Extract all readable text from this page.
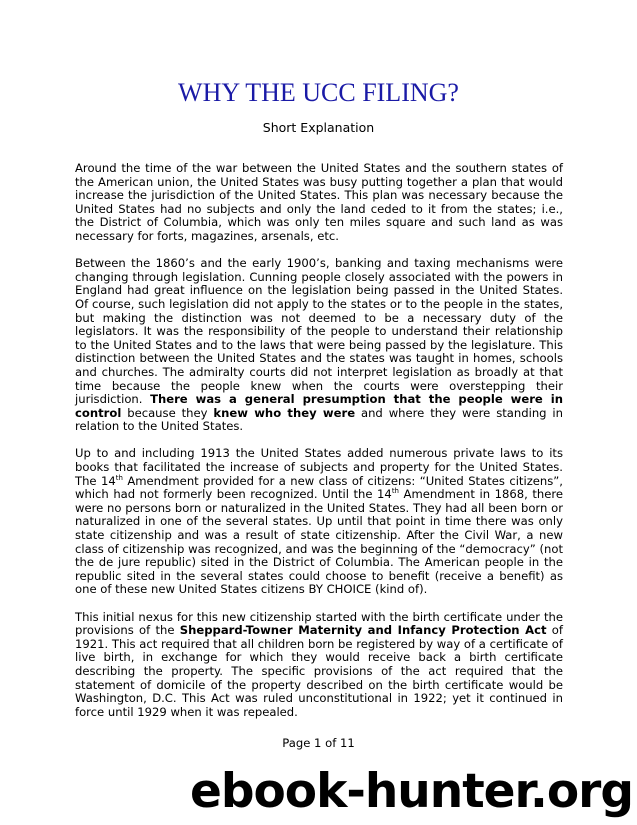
WHY THE UCC FILING?
Short Explanation

Around the time of the war between the United States and the southern states of the American union, the United States was busy putting together a plan that would increase the jurisdiction of the United States. This plan was necessary because the United States had no subjects and only the land ceded to it from the states; i.e., the District of Columbia, which was only ten miles square and such land as was necessary for forts, magazines, arsenals, etc.

Between the 1860’s and the early 1900’s, banking and taxing mechanisms were changing through legislation. Cunning people closely associated with the powers in England had great influence on the legislation being passed in the United States. Of course, such legislation did not apply to the states or to the people in the states, but making the distinction was not deemed to be a necessary duty of the legislators. It was the responsibility of the people to understand their relationship to the United States and to the laws that were being passed by the legislature. This distinction between the United States and the states was taught in homes, schools and churches. The admiralty courts did not interpret legislation as broadly at that time because the people knew when the courts were overstepping their jurisdiction. There was a general presumption that the people were in control because they knew who they were and where they were standing in relation to the United States.

Up to and including 1913 the United States added numerous private laws to its books that facilitated the increase of subjects and property for the United States. The 14th Amendment provided for a new class of citizens: “United States citizens”, which had not formerly been recognized. Until the 14th Amendment in 1868, there were no persons born or naturalized in the United States. They had all been born or naturalized in one of the several states. Up until that point in time there was only state citizenship and was a result of state citizenship. After the Civil War, a new class of citizenship was recognized, and was the beginning of the “democracy” (not the de jure republic) sited in the District of Columbia. The American people in the republic sited in the several states could choose to benefit (receive a benefit) as one of these new United States citizens BY CHOICE (kind of).

This initial nexus for this new citizenship started with the birth certificate under the provisions of the Sheppard-Towner Maternity and Infancy Protection Act of 1921. This act required that all children born be registered by way of a certificate of live birth, in exchange for which they would receive back a birth certificate describing the property. The specific provisions of the act required that the statement of domicile of the property described on the birth certificate would be Washington, D.C. This Act was ruled unconstitutional in 1922; yet it continued in force until 1929 when it was repealed.

Page 1 of 11
ebook-hunter.org
